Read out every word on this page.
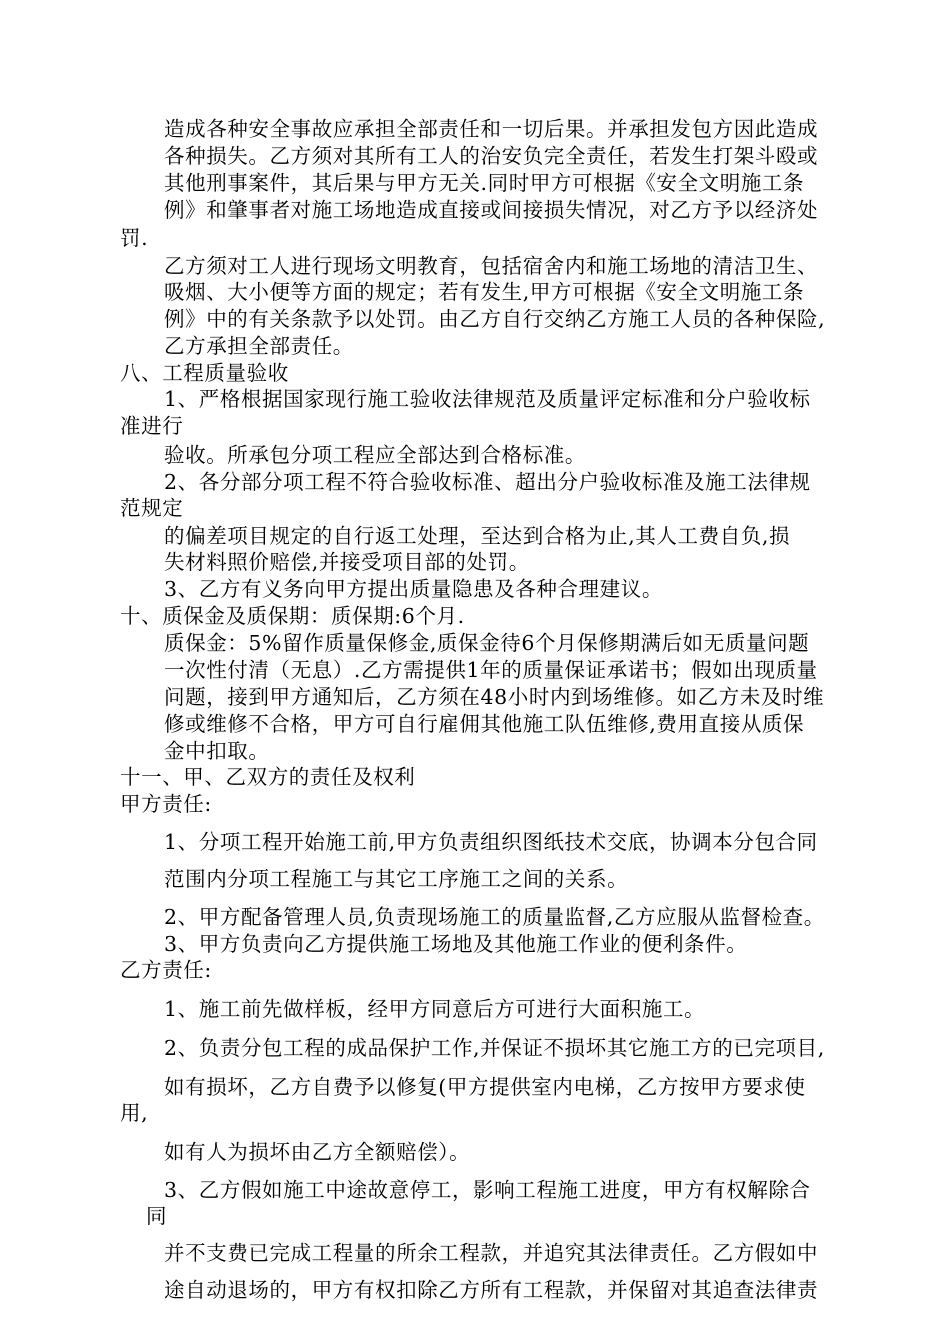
造成各种安全事故应承担全部责任和一切后果。并承担发包方因此造成
各种损失。乙方须对其所有工人的治安负完全责任，若发生打架斗殴或
其他刑事案件，其后果与甲方无关.同时甲方可根据《安全文明施工条
例》和肇事者对施工场地造成直接或间接损失情况，对乙方予以经济处
罚.
乙方须对工人进行现场文明教育，包括宿舍内和施工场地的清洁卫生、
吸烟、大小便等方面的规定；若有发生,甲方可根据《安全文明施工条
例》中的有关条款予以处罚。由乙方自行交纳乙方施工人员的各种保险,
乙方承担全部责任。
八、工程质量验收
1、严格根据国家现行施工验收法律规范及质量评定标准和分户验收标
准进行
验收。所承包分项工程应全部达到合格标准。
2、各分部分项工程不符合验收标准、超出分户验收标准及施工法律规
范规定
的偏差项目规定的自行返工处理，至达到合格为止,其人工费自负,损
失材料照价赔偿,并接受项目部的处罚。
3、乙方有义务向甲方提出质量隐患及各种合理建议。
十、质保金及质保期：质保期:6个月.
质保金：5%留作质量保修金,质保金待6个月保修期满后如无质量问题
一次性付清（无息）.乙方需提供1年的质量保证承诺书；假如出现质量
问题，接到甲方通知后，乙方须在48小时内到场维修。如乙方未及时维
修或维修不合格，甲方可自行雇佣其他施工队伍维修,费用直接从质保
金中扣取。
十一、甲、乙双方的责任及权利
甲方责任:
1、分项工程开始施工前,甲方负责组织图纸技术交底，协调本分包合同
范围内分项工程施工与其它工序施工之间的关系。
2、甲方配备管理人员,负责现场施工的质量监督,乙方应服从监督检查。
3、甲方负责向乙方提供施工场地及其他施工作业的便利条件。
乙方责任:
1、施工前先做样板，经甲方同意后方可进行大面积施工。
2、负责分包工程的成品保护工作,并保证不损坏其它施工方的已完项目,
如有损坏，乙方自费予以修复(甲方提供室内电梯，乙方按甲方要求使
用,
如有人为损坏由乙方全额赔偿）。
3、乙方假如施工中途故意停工，影响工程施工进度，甲方有权解除合
同
并不支费已完成工程量的所余工程款，并追究其法律责任。乙方假如中
途自动退场的，甲方有权扣除乙方所有工程款，并保留对其追查法律责
